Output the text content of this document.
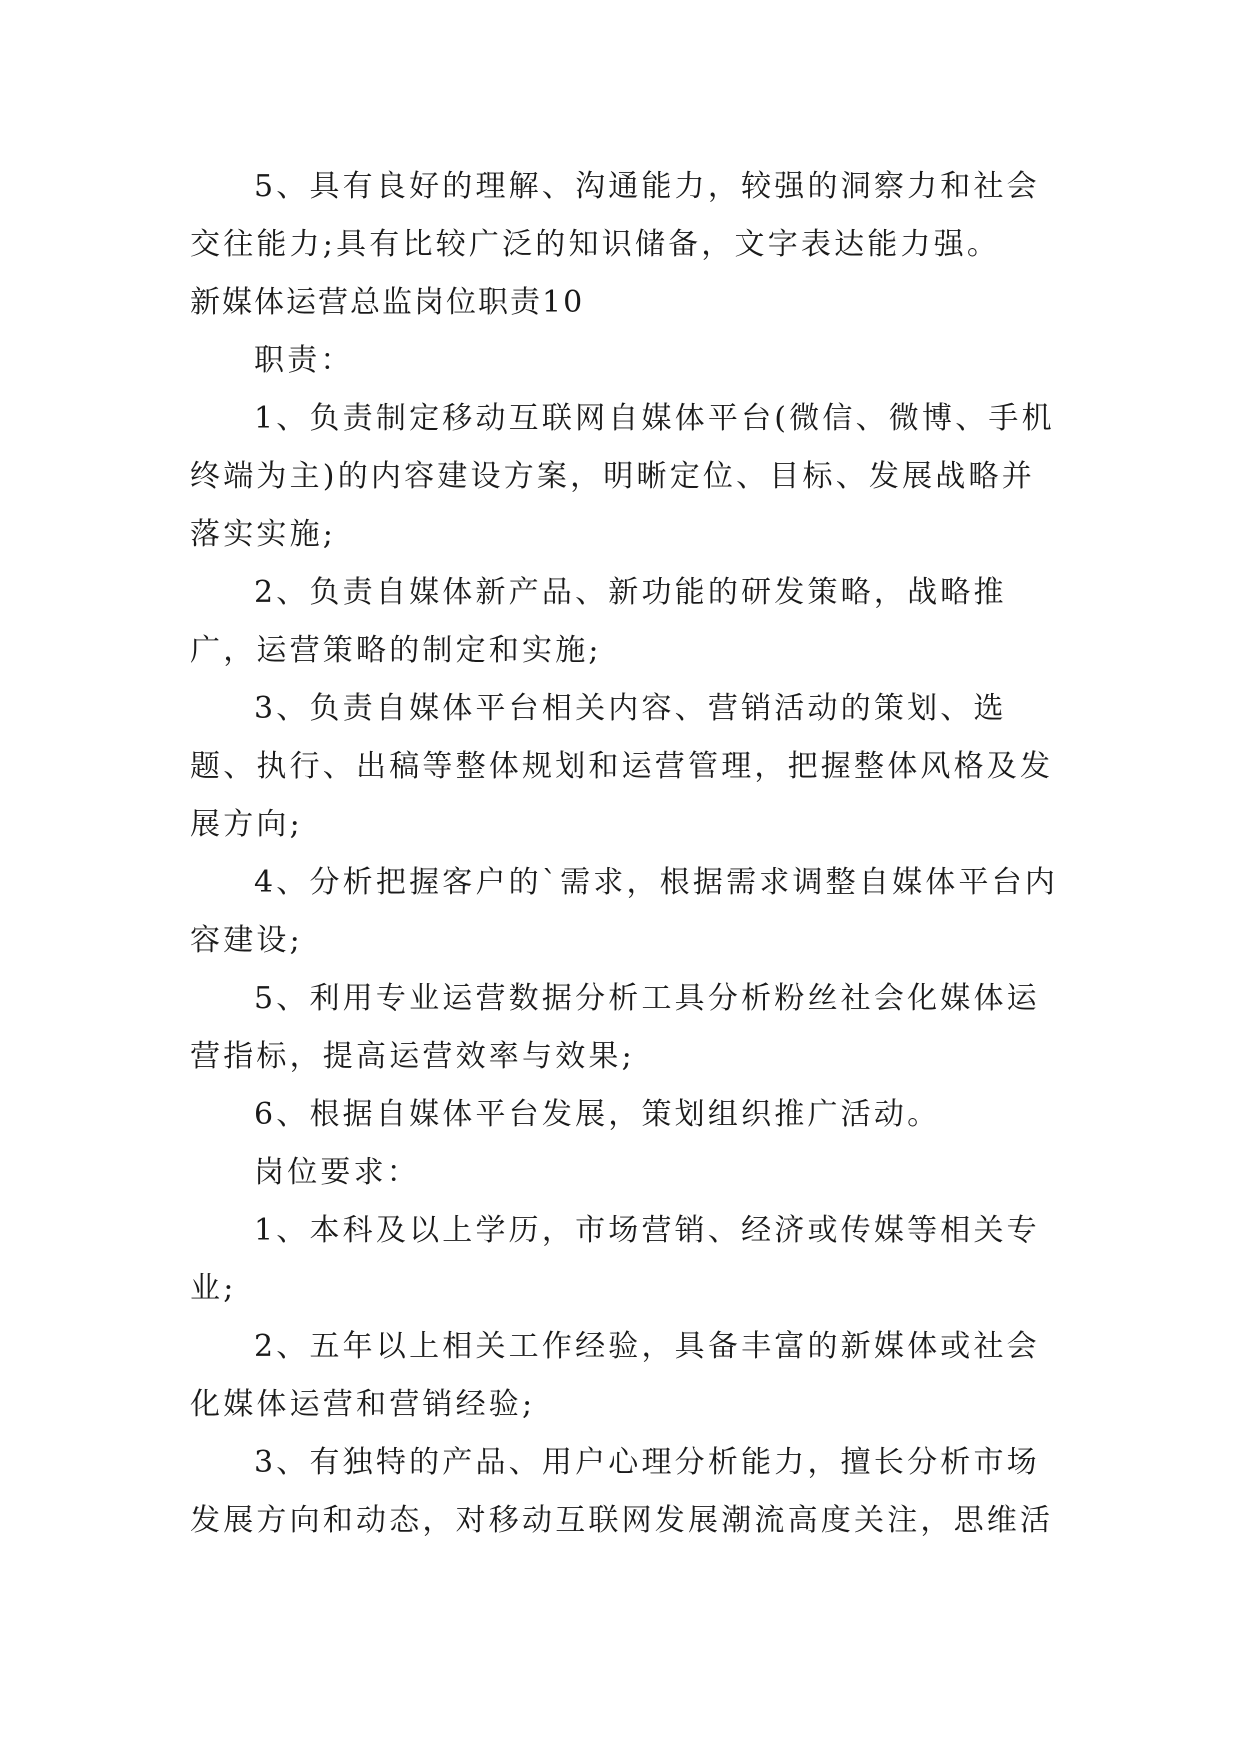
5、具有良好的理解、沟通能力，较强的洞察力和社会交往能力;具有比较广泛的知识储备，文字表达能力强。

新媒体运营总监岗位职责10

职责：

1、负责制定移动互联网自媒体平台(微信、微博、手机终端为主)的内容建设方案，明晰定位、目标、发展战略并落实实施;

2、负责自媒体新产品、新功能的研发策略，战略推广，运营策略的制定和实施;

3、负责自媒体平台相关内容、营销活动的策划、选题、执行、出稿等整体规划和运营管理，把握整体风格及发展方向;

4、分析把握客户的`需求，根据需求调整自媒体平台内容建设;

5、利用专业运营数据分析工具分析粉丝社会化媒体运营指标，提高运营效率与效果;

6、根据自媒体平台发展，策划组织推广活动。

岗位要求：

1、本科及以上学历，市场营销、经济或传媒等相关专业;

2、五年以上相关工作经验，具备丰富的新媒体或社会化媒体运营和营销经验;

3、有独特的产品、用户心理分析能力，擅长分析市场发展方向和动态，对移动互联网发展潮流高度关注，思维活
